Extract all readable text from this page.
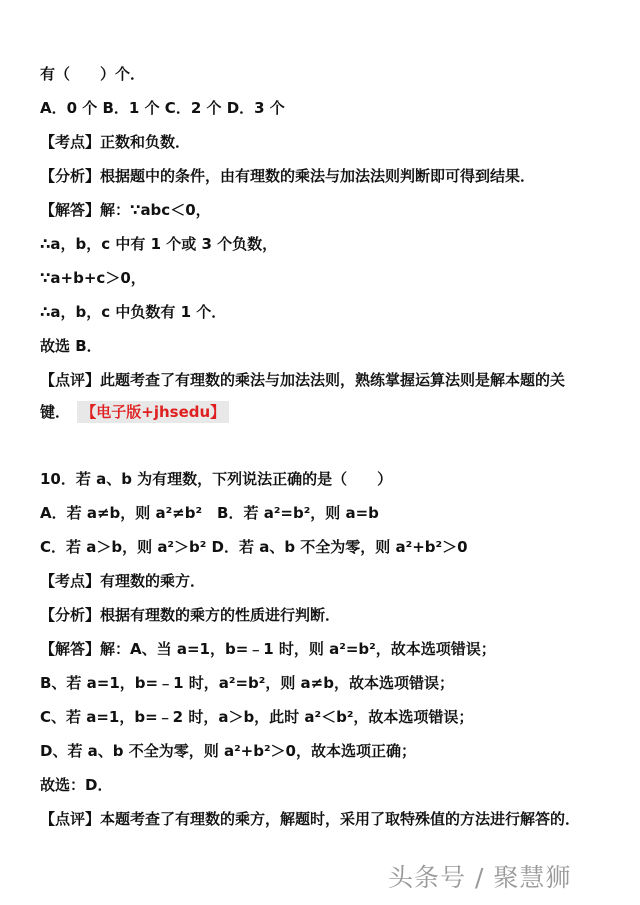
有（　　）个．
A．0 个 B．1 个 C．2 个 D．3 个
【考点】正数和负数．
【分析】根据题中的条件，由有理数的乘法与加法法则判断即可得到结果．
【解答】解：∵abc＜0，
∴a，b，c 中有 1 个或 3 个负数，
∵a+b+c＞0，
∴a，b，c 中负数有 1 个．
故选 B．
【点评】此题考查了有理数的乘法与加法法则，熟练掌握运算法则是解本题的关
键． 【电子版+jhsedu】
10．若 a、b 为有理数，下列说法正确的是（　　）
A．若 a≠b，则 a²≠b²　B．若 a²=b²，则 a=b
C．若 a＞b，则 a²＞b² D．若 a、b 不全为零，则 a²+b²＞0
【考点】有理数的乘方．
【分析】根据有理数的乘方的性质进行判断．
【解答】解：A、当 a=1，b=﹣1 时，则 a²=b²，故本选项错误；
B、若 a=1，b=﹣1 时，a²=b²，则 a≠b，故本选项错误；
C、若 a=1，b=﹣2 时，a＞b，此时 a²＜b²，故本选项错误；
D、若 a、b 不全为零，则 a²+b²＞0，故本选项正确；
故选：D．
【点评】本题考查了有理数的乘方，解题时，采用了取特殊值的方法进行解答的．
头条号 / 聚慧狮
